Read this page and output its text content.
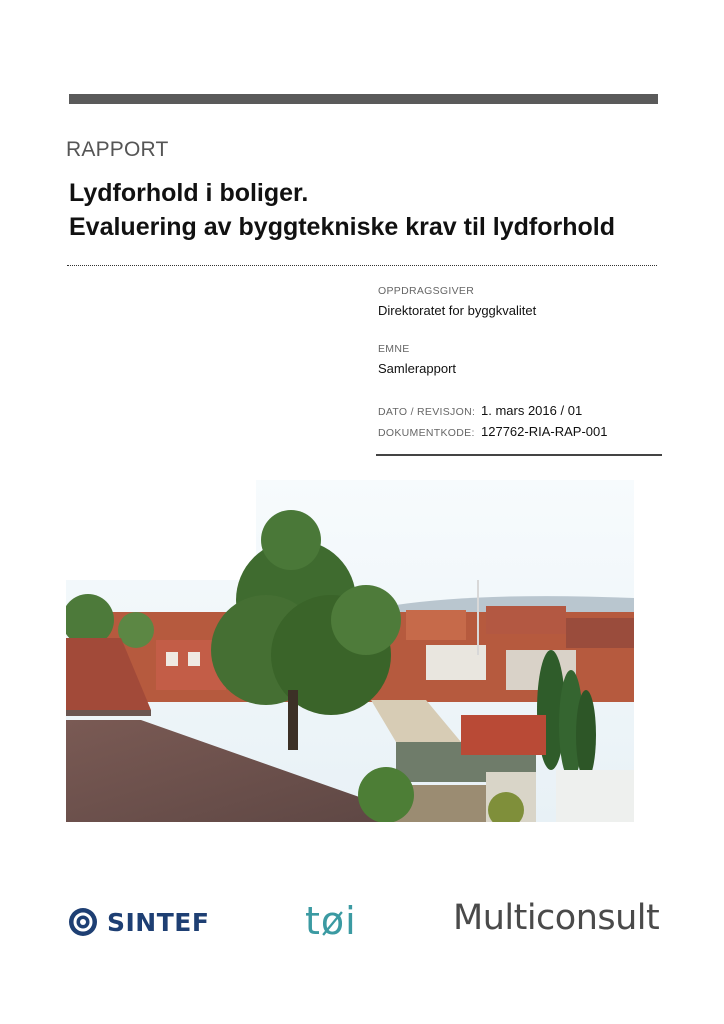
RAPPORT
Lydforhold i boliger.
Evaluering av byggtekniske krav til lydforhold
OPPDRAGSGIVER
Direktoratet for byggkvalitet
EMNE
Samlerapport
DATO / REVISJON: 1. mars 2016 / 01
DOKUMENTKODE: 127762-RIA-RAP-001
SINTEF	tøi	Multiconsult
